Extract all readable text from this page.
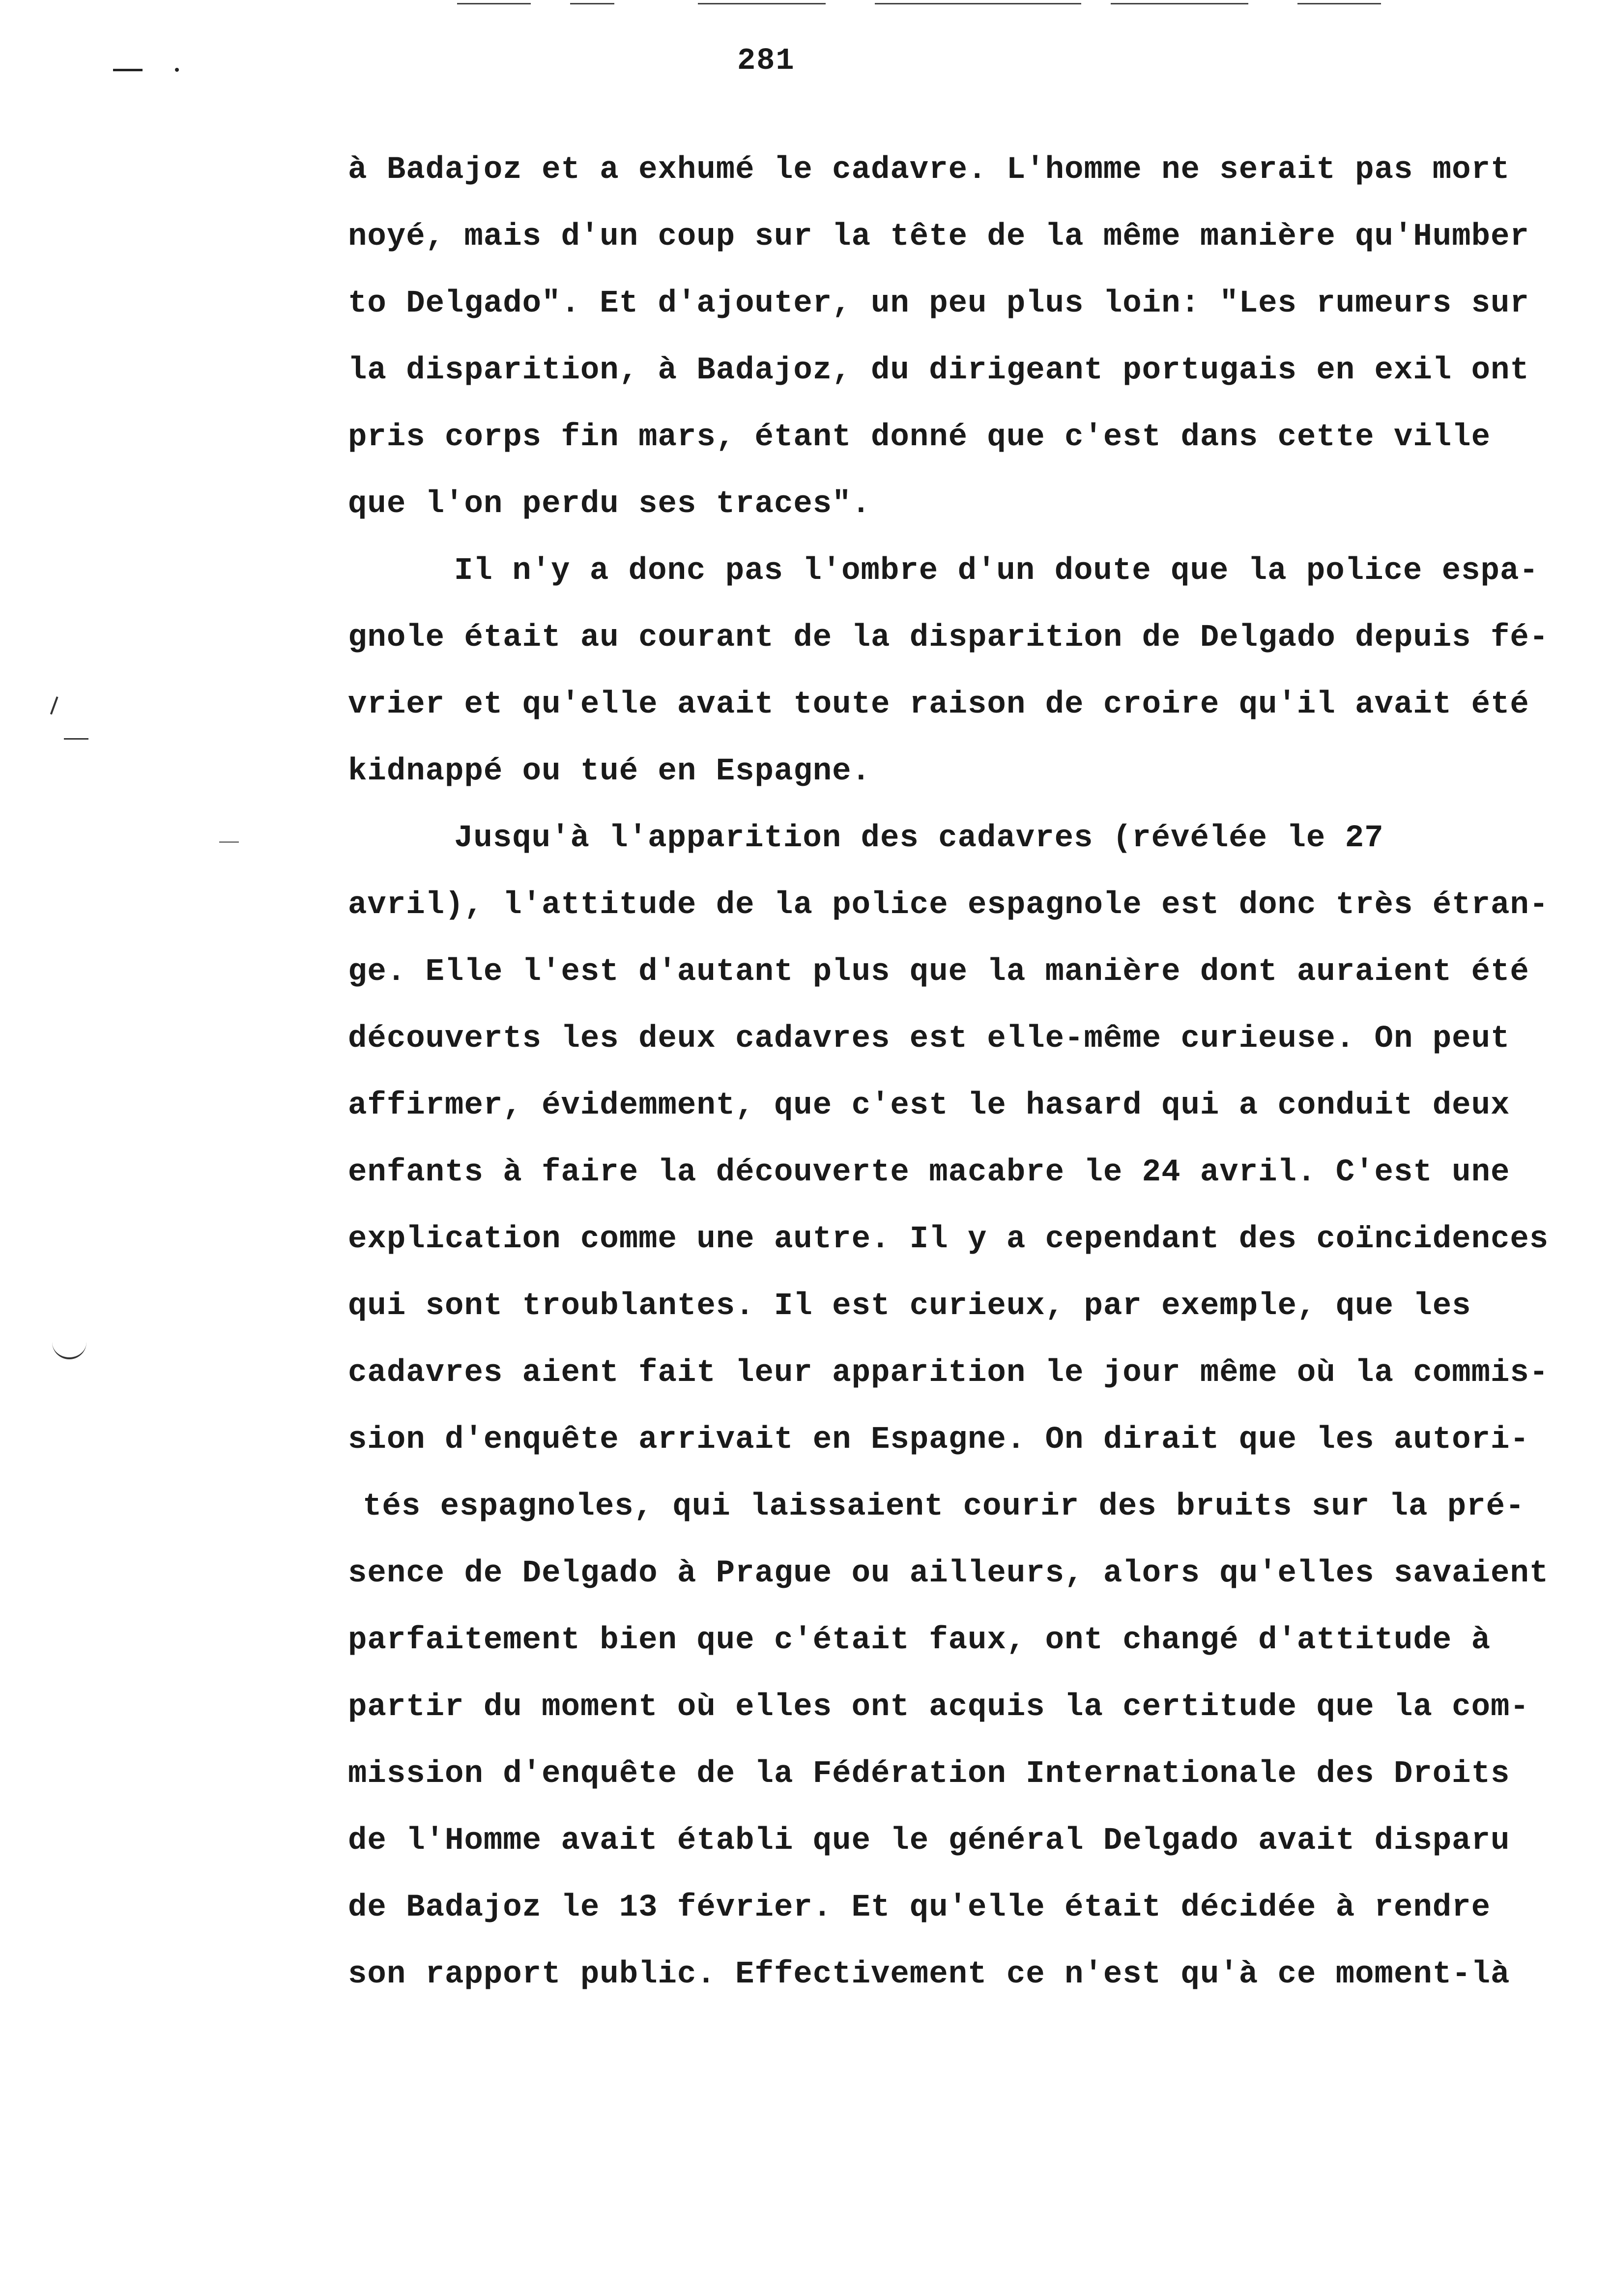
281
à Badajoz et a exhumé le cadavre. L'homme ne serait pas mort
noyé, mais d'un coup sur la tête de la même manière qu'Humber
to Delgado". Et d'ajouter, un peu plus loin: "Les rumeurs sur
la disparition, à Badajoz, du dirigeant portugais en exil ont
pris corps fin mars, étant donné que c'est dans cette ville
que l'on perdu ses traces".
Il n'y a donc pas l'ombre d'un doute que la police espa-
gnole était au courant de la disparition de Delgado depuis fé-
vrier et qu'elle avait toute raison de croire qu'il avait été
kidnappé ou tué en Espagne.
Jusqu'à l'apparition des cadavres (révélée le 27
avril), l'attitude de la police espagnole est donc très étran-
ge. Elle l'est d'autant plus que la manière dont auraient été
découverts les deux cadavres est elle-même curieuse. On peut
affirmer, évidemment, que c'est le hasard qui a conduit deux
enfants à faire la découverte macabre le 24 avril. C'est une
explication comme une autre. Il y a cependant des coïncidences
qui sont troublantes. Il est curieux, par exemple, que les
cadavres aient fait leur apparition le jour même où la commis-
sion d'enquête arrivait en Espagne. On dirait que les autori-
tés espagnoles, qui laissaient courir des bruits sur la pré-
sence de Delgado à Prague ou ailleurs, alors qu'elles savaient
parfaitement bien que c'était faux, ont changé d'attitude à
partir du moment où elles ont acquis la certitude que la com-
mission d'enquête de la Fédération Internationale des Droits
de l'Homme avait établi que le général Delgado avait disparu
de Badajoz le 13 février. Et qu'elle était décidée à rendre
son rapport public. Effectivement ce n'est qu'à ce moment-là
